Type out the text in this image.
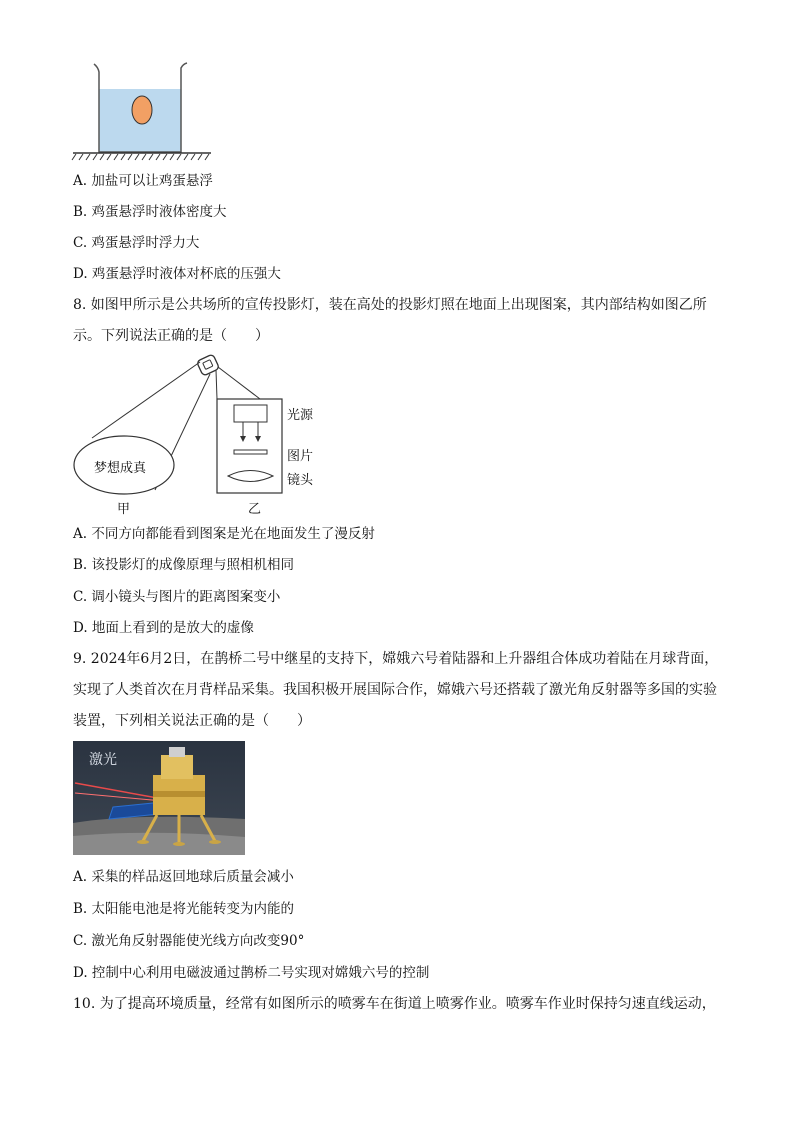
A. 加盐可以让鸡蛋悬浮
B. 鸡蛋悬浮时液体密度大
C. 鸡蛋悬浮时浮力大
D. 鸡蛋悬浮时液体对杯底的压强大
8. 如图甲所示是公共场所的宣传投影灯，装在高处的投影灯照在地面上出现图案，其内部结构如图乙所
示。下列说法正确的是（　　）
梦想成真
甲	乙
光源
图片
镜头
A. 不同方向都能看到图案是光在地面发生了漫反射
B. 该投影灯的成像原理与照相机相同
C. 调小镜头与图片的距离图案变小
D. 地面上看到的是放大的虚像
9. 2024年6月2日，在鹊桥二号中继星的支持下，嫦娥六号着陆器和上升器组合体成功着陆在月球背面，
实现了人类首次在月背样品采集。我国积极开展国际合作，嫦娥六号还搭载了激光角反射器等多国的实验
装置，下列相关说法正确的是（　　）
激光
A. 采集的样品返回地球后质量会减小
B. 太阳能电池是将光能转变为内能的
C. 激光角反射器能使光线方向改变90°
D. 控制中心利用电磁波通过鹊桥二号实现对嫦娥六号的控制
10. 为了提高环境质量，经常有如图所示的喷雾车在街道上喷雾作业。喷雾车作业时保持匀速直线运动，
